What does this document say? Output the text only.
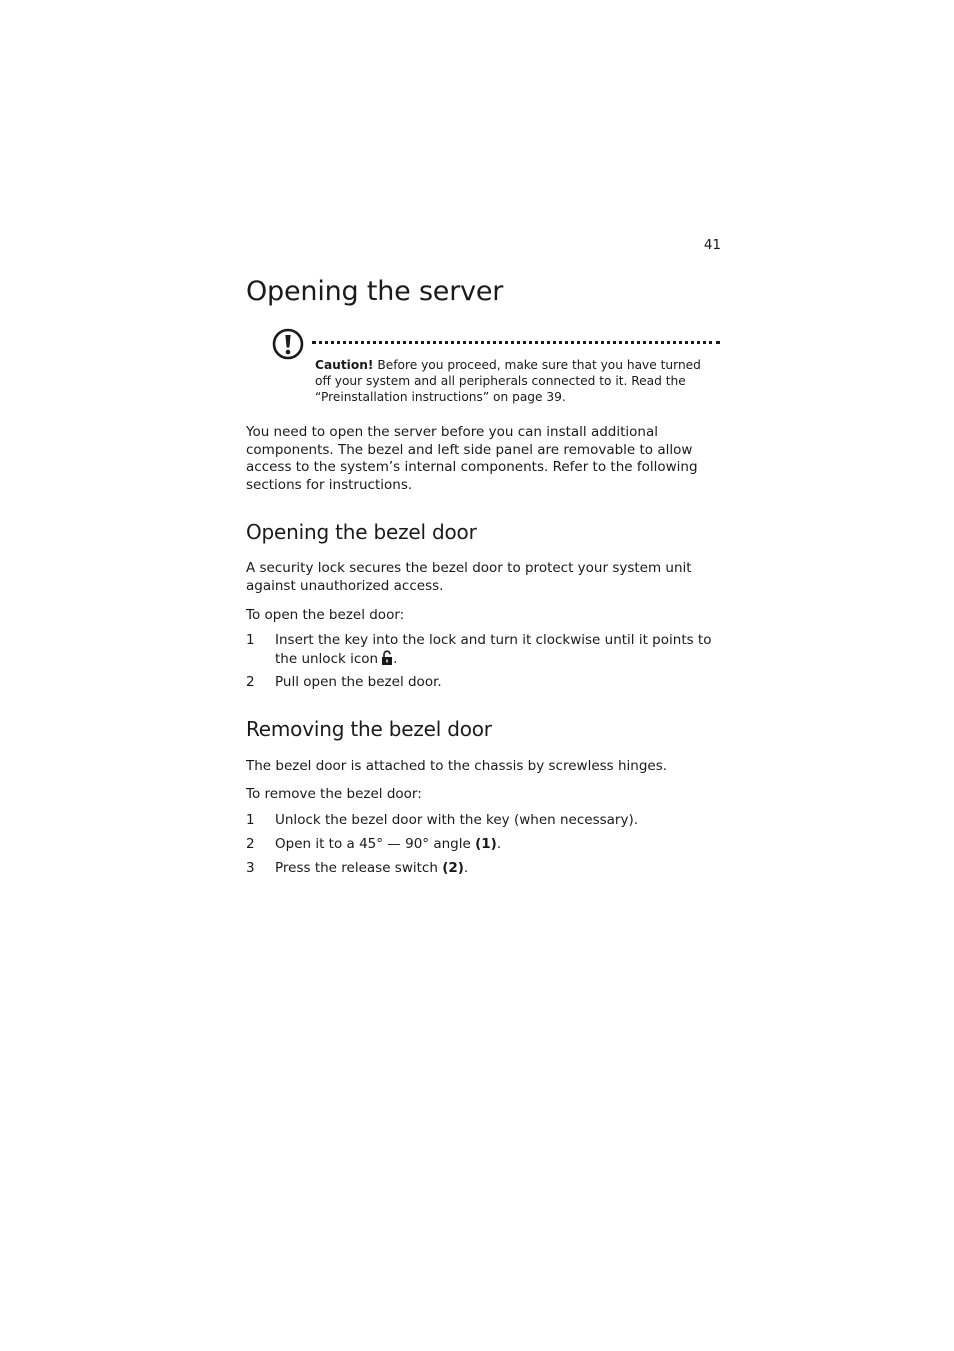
41
Opening the server

Caution! Before you proceed, make sure that you have turned off your system and all peripherals connected to it. Read the “Preinstallation instructions” on page 39.

You need to open the server before you can install additional components. The bezel and left side panel are removable to allow access to the system’s internal components. Refer to the following sections for instructions.

Opening the bezel door

A security lock secures the bezel door to protect your system unit against unauthorized access.

To open the bezel door:

1 Insert the key into the lock and turn it clockwise until it points to the unlock icon .
2 Pull open the bezel door.
Removing the bezel door

The bezel door is attached to the chassis by screwless hinges.

To remove the bezel door:

1 Unlock the bezel door with the key (when necessary).
2 Open it to a 45° — 90° angle (1).
3 Press the release switch (2).
